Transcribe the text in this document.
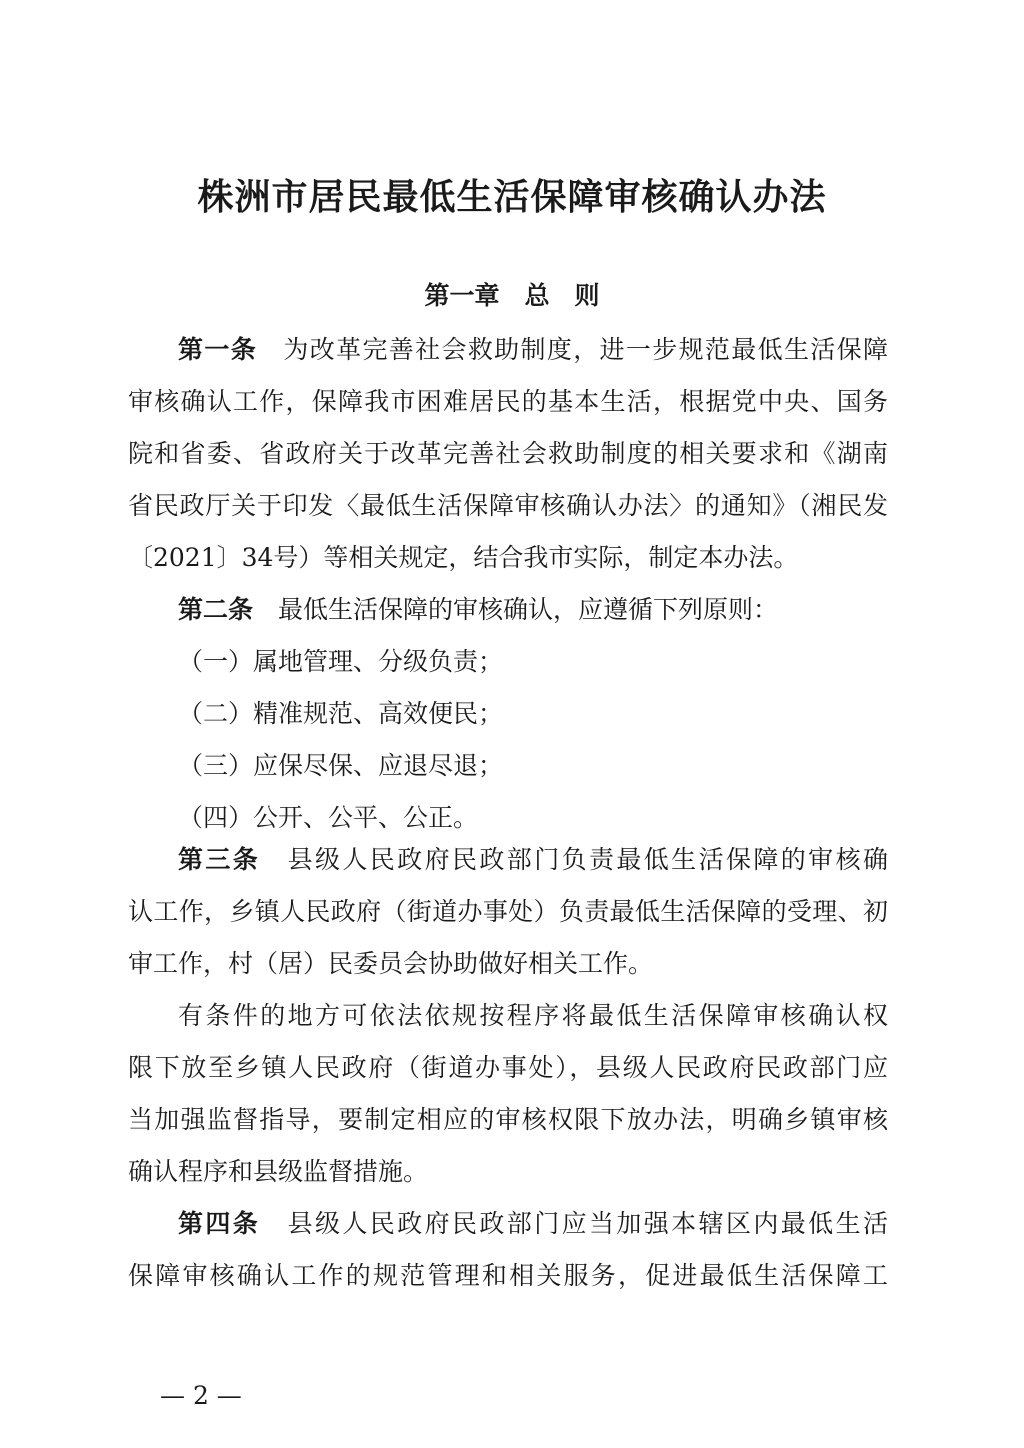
株洲市居民最低生活保障审核确认办法
第一章　总　则
第一条　 为改革完善社会救助制度，进一步规范最低生活保障
审核确认工作，保障我市困难居民的基本生活，根据党中央、国务
院和省委、省政府关于改革完善社会救助制度的相关要求和《湖南
省民政厅关于印发〈最低生活保障审核确认办法〉的通知》（湘民发
〔2021〕34号）等相关规定，结合我市实际，制定本办法。
第二条　 最低生活保障的审核确认，应遵循下列原则：
（一）属地管理、分级负责；
（二）精准规范、高效便民；
（三）应保尽保、应退尽退；
（四）公开、公平、公正。
第三条　 县级人民政府民政部门负责最低生活保障的审核确
认工作，乡镇人民政府（街道办事处）负责最低生活保障的受理、初
审工作，村（居）民委员会协助做好相关工作。
有条件的地方可依法依规按程序将最低生活保障审核确认权
限下放至乡镇人民政府（街道办事处），县级人民政府民政部门应
当加强监督指导，要制定相应的审核权限下放办法，明确乡镇审核
确认程序和县级监督措施。
第四条　 县级人民政府民政部门应当加强本辖区内最低生活
保障审核确认工作的规范管理和相关服务，促进最低生活保障工
— 2 —
